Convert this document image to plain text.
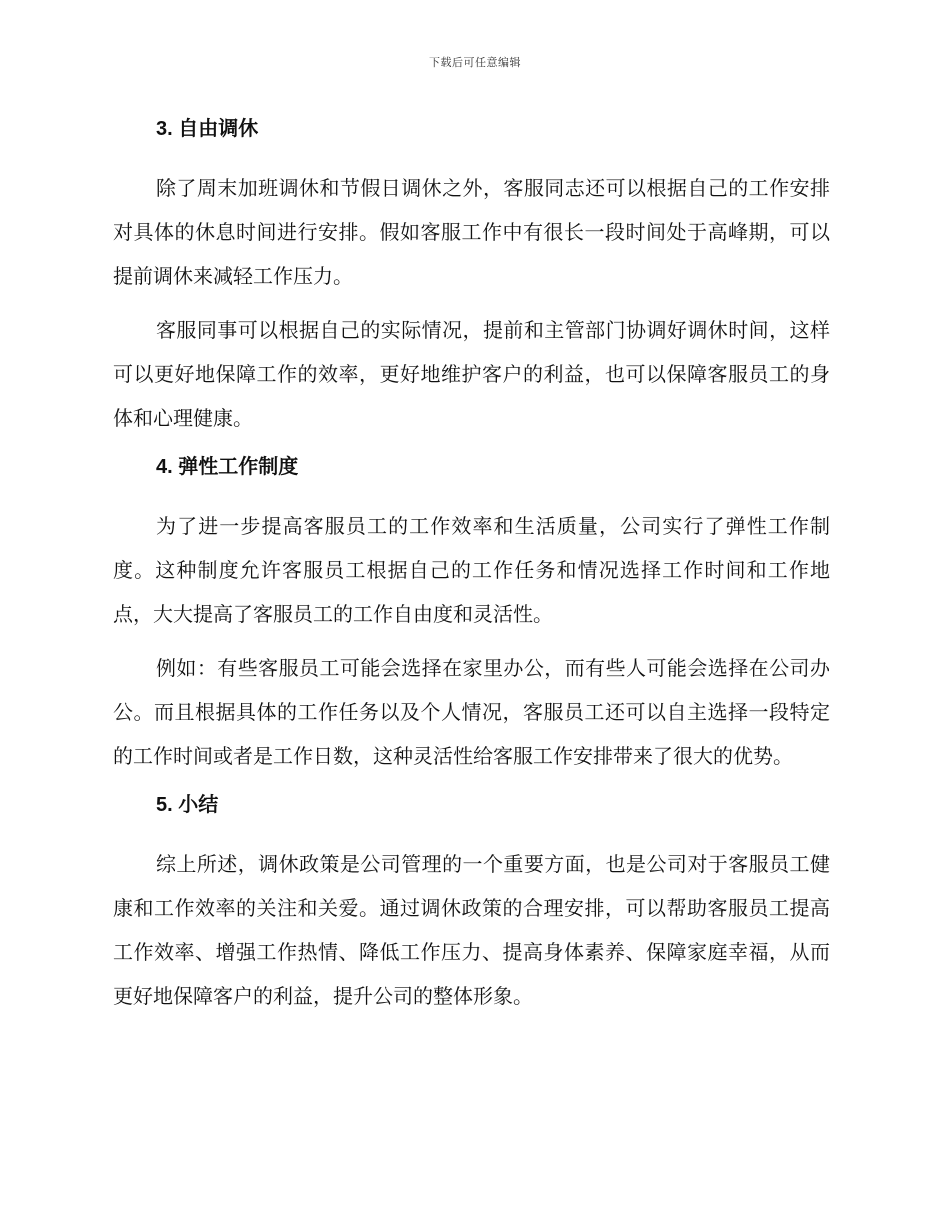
下载后可任意编辑
3. 自由调休

除了周末加班调休和节假日调休之外，客服同志还可以根据自己的工作安排对具体的休息时间进行安排。假如客服工作中有很长一段时间处于高峰期，可以提前调休来减轻工作压力。

客服同事可以根据自己的实际情况，提前和主管部门协调好调休时间，这样可以更好地保障工作的效率，更好地维护客户的利益，也可以保障客服员工的身体和心理健康。

4. 弹性工作制度

为了进一步提高客服员工的工作效率和生活质量，公司实行了弹性工作制度。这种制度允许客服员工根据自己的工作任务和情况选择工作时间和工作地点，大大提高了客服员工的工作自由度和灵活性。

例如：有些客服员工可能会选择在家里办公，而有些人可能会选择在公司办公。而且根据具体的工作任务以及个人情况，客服员工还可以自主选择一段特定的工作时间或者是工作日数，这种灵活性给客服工作安排带来了很大的优势。

5. 小结

综上所述，调休政策是公司管理的一个重要方面，也是公司对于客服员工健康和工作效率的关注和关爱。通过调休政策的合理安排，可以帮助客服员工提高工作效率、增强工作热情、降低工作压力、提高身体素养、保障家庭幸福，从而更好地保障客户的利益，提升公司的整体形象。
